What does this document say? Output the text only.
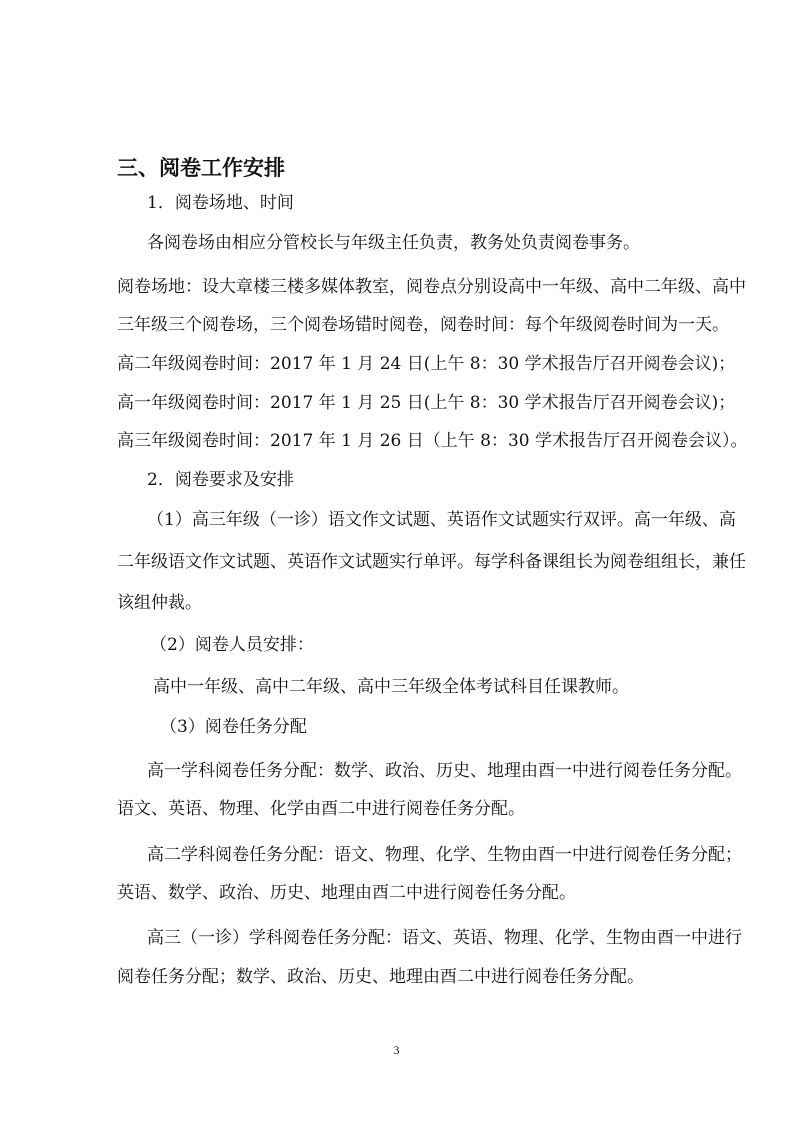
三、阅卷工作安排
1．阅卷场地、时间
各阅卷场由相应分管校长与年级主任负责，教务处负责阅卷事务。
阅卷场地：设大章楼三楼多媒体教室，阅卷点分别设高中一年级、高中二年级、高中
三年级三个阅卷场，三个阅卷场错时阅卷，阅卷时间：每个年级阅卷时间为一天。
高二年级阅卷时间：2017 年 1 月 24 日(上午 8：30 学术报告厅召开阅卷会议)；
高一年级阅卷时间：2017 年 1 月 25 日(上午 8：30 学术报告厅召开阅卷会议)；
高三年级阅卷时间：2017 年 1 月 26 日（上午 8：30 学术报告厅召开阅卷会议）。
2．阅卷要求及安排
（1）高三年级（一诊）语文作文试题、英语作文试题实行双评。高一年级、高
二年级语文作文试题、英语作文试题实行单评。每学科备课组长为阅卷组组长，兼任
该组仲裁。
（2）阅卷人员安排：
高中一年级、高中二年级、高中三年级全体考试科目任课教师。
（3）阅卷任务分配
高一学科阅卷任务分配：数学、政治、历史、地理由酉一中进行阅卷任务分配。
语文、英语、物理、化学由酉二中进行阅卷任务分配。
高二学科阅卷任务分配：语文、物理、化学、生物由酉一中进行阅卷任务分配；
英语、数学、政治、历史、地理由酉二中进行阅卷任务分配。
高三（一诊）学科阅卷任务分配：语文、英语、物理、化学、生物由酉一中进行
阅卷任务分配；数学、政治、历史、地理由酉二中进行阅卷任务分配。
3
